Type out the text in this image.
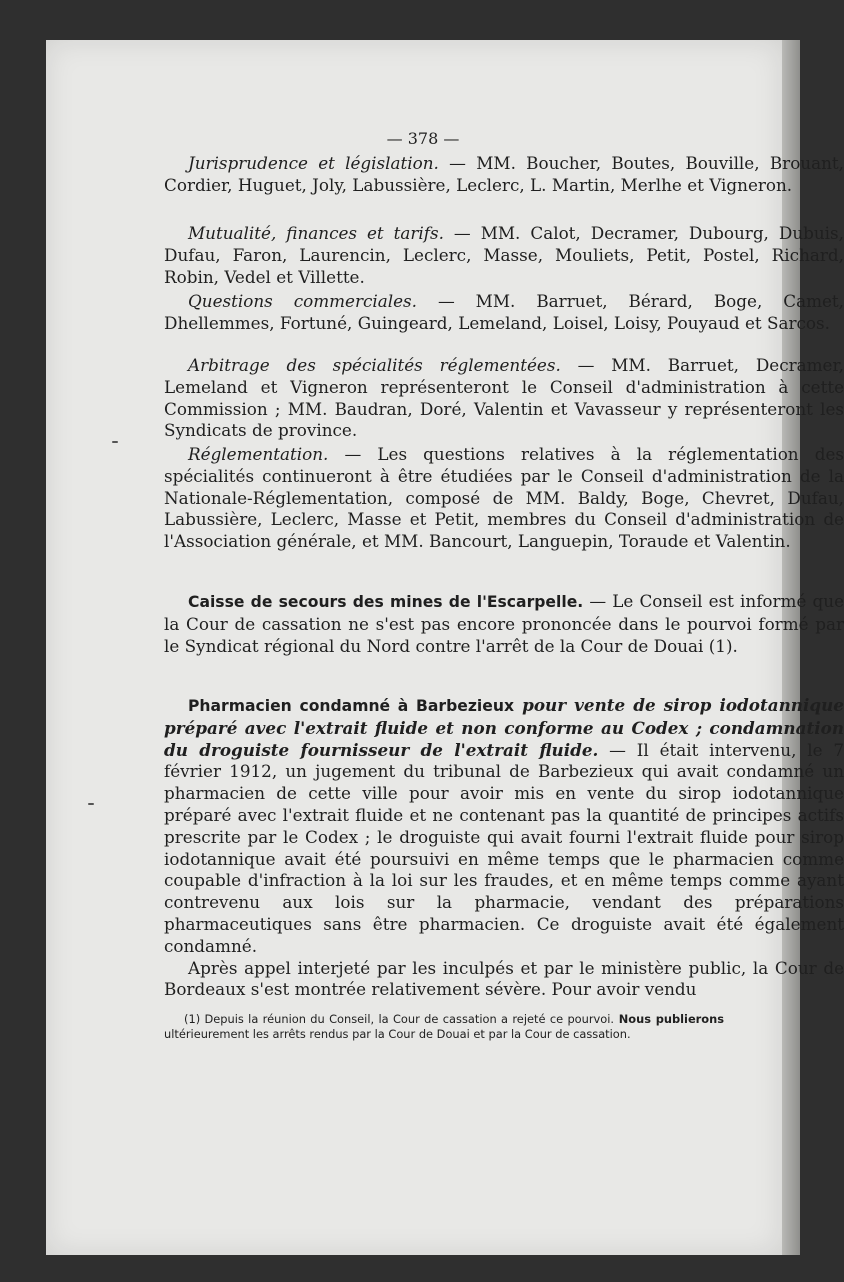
— 378 —

Jurisprudence et législation. — MM. Boucher, Boutes, Bouville, Brouant, Cordier, Huguet, Joly, Labussière, Leclerc, L. Martin, Merlhe et Vigneron.

Mutualité, finances et tarifs. — MM. Calot, Decramer, Dubourg, Dubuis, Dufau, Faron, Laurencin, Leclerc, Masse, Mouliets, Petit, Postel, Richard, Robin, Vedel et Villette.

Questions commerciales. — MM. Barruet, Bérard, Boge, Camet, Dhellemmes, Fortuné, Guingeard, Lemeland, Loisel, Loisy, Pouyaud et Sarcos.

Arbitrage des spécialités réglementées. — MM. Barruet, Decramer, Lemeland et Vigneron représenteront le Conseil d'administration à cette Commission ; MM. Baudran, Doré, Valentin et Vavasseur y représenteront les Syndicats de province.

Réglementation. — Les questions relatives à la réglementation des spécialités continueront à être étudiées par le Conseil d'administration de la Nationale-Réglementation, composé de MM. Baldy, Boge, Chevret, Dufau, Labussière, Leclerc, Masse et Petit, membres du Conseil d'administration de l'Association générale, et MM. Bancourt, Languepin, Toraude et Valentin.

Caisse de secours des mines de l'Escarpelle. — Le Conseil est informé que la Cour de cassation ne s'est pas encore prononcée dans le pourvoi formé par le Syndicat régional du Nord contre l'arrêt de la Cour de Douai (1).

Pharmacien condamné à Barbezieux pour vente de sirop iodotannique préparé avec l'extrait fluide et non conforme au Codex ; condamnation du droguiste fournisseur de l'extrait fluide. — Il était intervenu, le 7 février 1912, un jugement du tribunal de Barbezieux qui avait condamné un pharmacien de cette ville pour avoir mis en vente du sirop iodotannique préparé avec l'extrait fluide et ne contenant pas la quantité de principes actifs prescrite par le Codex ; le droguiste qui avait fourni l'extrait fluide pour sirop iodotannique avait été poursuivi en même temps que le pharmacien comme coupable d'infraction à la loi sur les fraudes, et en même temps comme ayant contrevenu aux lois sur la pharmacie, vendant des préparations pharmaceutiques sans être pharmacien. Ce droguiste avait été également condamné.

Après appel interjeté par les inculpés et par le ministère public, la Cour de Bordeaux s'est montrée relativement sévère. Pour avoir vendu

(1) Depuis la réunion du Conseil, la Cour de cassation a rejeté ce pourvoi. Nous publierons ultérieurement les arrêts rendus par la Cour de Douai et par la Cour de cassation.
